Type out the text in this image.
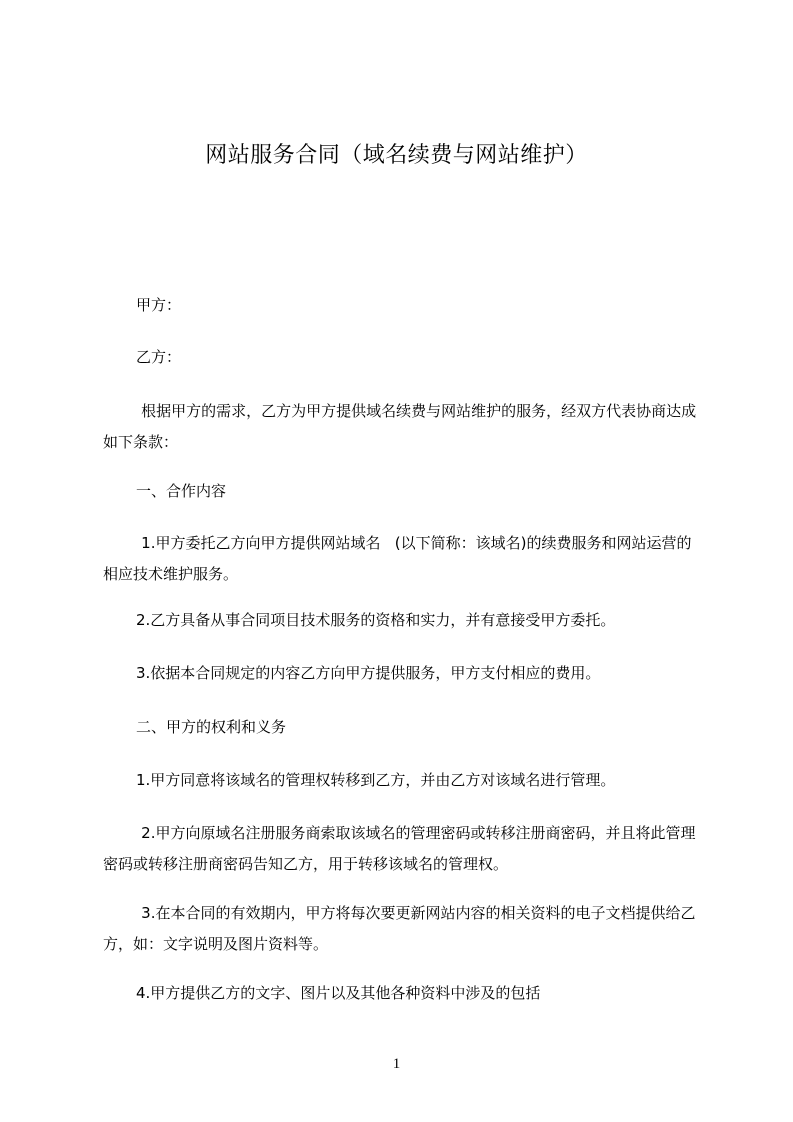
网站服务合同（域名续费与网站维护）
甲方：
乙方：
根据甲方的需求，乙方为甲方提供域名续费与网站维护的服务，经双方代表协商达成如下条款：
一、合作内容
1.甲方委托乙方向甲方提供网站域名   (以下简称：该域名)的续费服务和网站运营的相应技术维护服务。
2.乙方具备从事合同项目技术服务的资格和实力，并有意接受甲方委托。
3.依据本合同规定的内容乙方向甲方提供服务，甲方支付相应的费用。
二、甲方的权利和义务
1.甲方同意将该域名的管理权转移到乙方，并由乙方对该域名进行管理。
2.甲方向原域名注册服务商索取该域名的管理密码或转移注册商密码，并且将此管理密码或转移注册商密码告知乙方，用于转移该域名的管理权。
3.在本合同的有效期内，甲方将每次要更新网站内容的相关资料的电子文档提供给乙方，如：文字说明及图片资料等。
4.甲方提供乙方的文字、图片以及其他各种资料中涉及的包括
1
